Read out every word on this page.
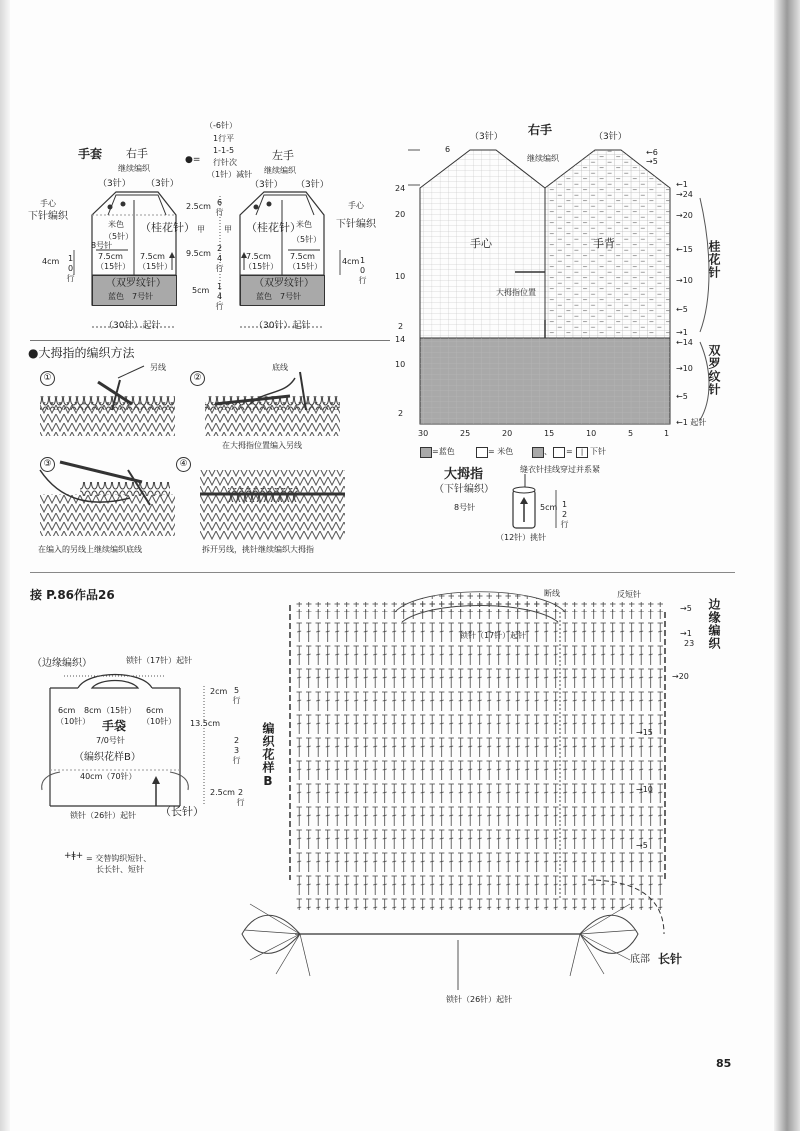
手套 右手	左手
继续编织	继续编织
（3针） （3针）	（3针） （3针）
●=
（-6针）
1行平
1-1-5
行针次
（1针）减针
（双罗纹针）
蓝色　7号针
（双罗纹针）
蓝色　7号针
手心
下针编织
手心
下针编织
米色
（5针）
（桂花针）	（桂花针）
米色
（5针）
8号针
7.5cm
（15针）
7.5cm
（15针）
7.5cm
（15针）
7.5cm
（15针）
4cm 10行	4cm
10行
2.5cm 6行
甲 甲
9.5cm 24行
5cm 14行
（30针）起针	（30针）起针
●大拇指的编织方法
①	②
③	④
另线	底线
在大拇指位置编入另线
在编入的另线上继续编织底线	拆开另线，挑针继续编织大拇指
右手
（3针）	（3针）
继续编织
手心	手背
大拇指位置
6
24
20
10
2
14
10
2
←6
→5
←1
→24
→20
←15
→10
←5
→1
←14
→10
←5
←1 起针
桂花针
双罗纹针
30	25	20	15	10	5	1
=蓝色	= 米色	、 =	| 下针
大拇指
（下针编织）
8号针
缝衣针挂线穿过并系紧
5cm 12行
（12针）挑针
接 P.86作品26
（边缘编织）	锁针（17针）起针
2cm 5行
6cm 8cm	6cm
（10针）
（15针）
（10针）
手袋
7/0号针
（编织花样B）
40cm（70针）
13.5cm
23行
2.5cm 2行
锁针（26针）起针 （长针）
+ǂ+ = 交替钩织短针、
长长针、短针
断线	反短针
边缘编织
编织花样B
→5
→1
23
→20
→15
→10
→5
锁针（17针）起针
底部 长针
锁针（26针）起针
85
